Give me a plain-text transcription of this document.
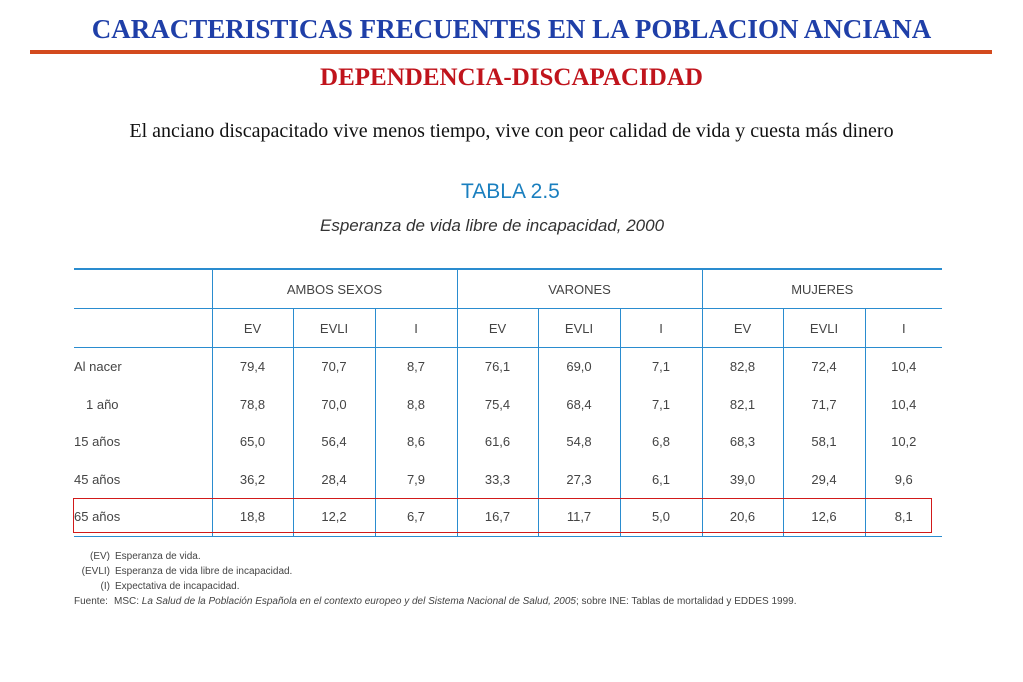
CARACTERISTICAS FRECUENTES EN LA POBLACION ANCIANA
DEPENDENCIA-DISCAPACIDAD
El anciano discapacitado vive menos tiempo, vive con peor calidad de vida y cuesta más dinero
TABLA 2.5
Esperanza de vida libre de incapacidad, 2000
	AMBOS SEXOS			VARONES			MUJERES		
	EV	EVLI	I	EV	EVLI	I	EV	EVLI	I
Al nacer	79,4	70,7	8,7	76,1	69,0	7,1	82,8	72,4	10,4
1 año	78,8	70,0	8,8	75,4	68,4	7,1	82,1	71,7	10,4
15 años	65,0	56,4	8,6	61,6	54,8	6,8	68,3	58,1	10,2
45 años	36,2	28,4	7,9	33,3	27,3	6,1	39,0	29,4	9,6
65 años	18,8	12,2	6,7	16,7	11,7	5,0	20,6	12,6	8,1
(EV) Esperanza de vida.
(EVLI) Esperanza de vida libre de incapacidad.
(I) Expectativa de incapacidad.
Fuente: MSC: La Salud de la Población Española en el contexto europeo y del Sistema Nacional de Salud, 2005; sobre INE: Tablas de mortalidad y EDDES 1999.
